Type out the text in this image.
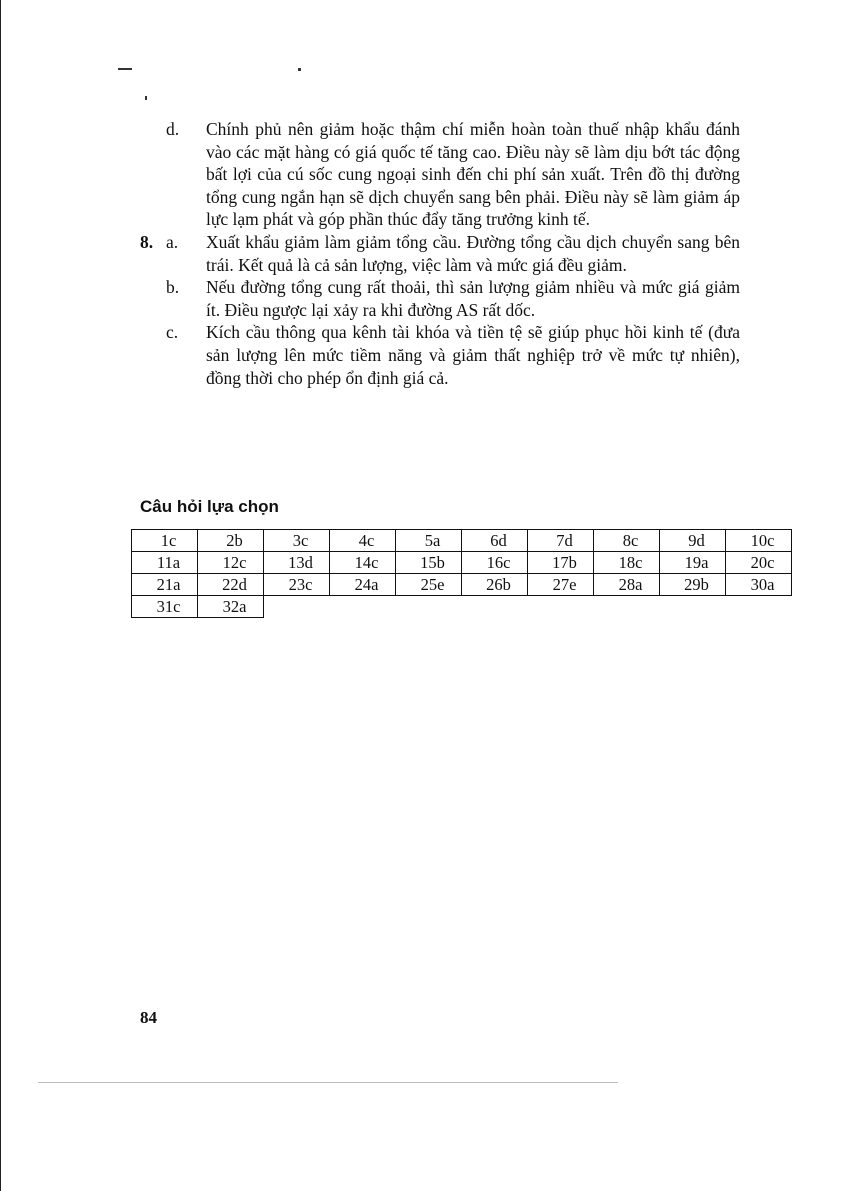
d.	Chính phủ nên giảm hoặc thậm chí miễn hoàn toàn thuế nhập khẩu đánh vào các mặt hàng có giá quốc tế tăng cao. Điều này sẽ làm dịu bớt tác động bất lợi của cú sốc cung ngoại sinh đến chi phí sản xuất. Trên đồ thị đường tổng cung ngắn hạn sẽ dịch chuyển sang bên phải. Điều này sẽ làm giảm áp lực lạm phát và góp phần thúc đẩy tăng trưởng kinh tế.
8. a.	Xuất khẩu giảm làm giảm tổng cầu. Đường tổng cầu dịch chuyển sang bên trái. Kết quả là cả sản lượng, việc làm và mức giá đều giảm.
b.	Nếu đường tổng cung rất thoải, thì sản lượng giảm nhiều và mức giá giảm ít. Điều ngược lại xảy ra khi đường AS rất dốc.
c.	Kích cầu thông qua kênh tài khóa và tiền tệ sẽ giúp phục hồi kinh tế (đưa sản lượng lên mức tiềm năng và giảm thất nghiệp trở về mức tự nhiên), đồng thời cho phép ổn định giá cả.
Câu hỏi lựa chọn
1c	2b	3c	4c	5a	6d	7d	8c	9d	10c
11a	12c	13d	14c	15b	16c	17b	18c	19a	20c
21a	22d	23c	24a	25e	26b	27e	28a	29b	30a
31c	32a								
84
